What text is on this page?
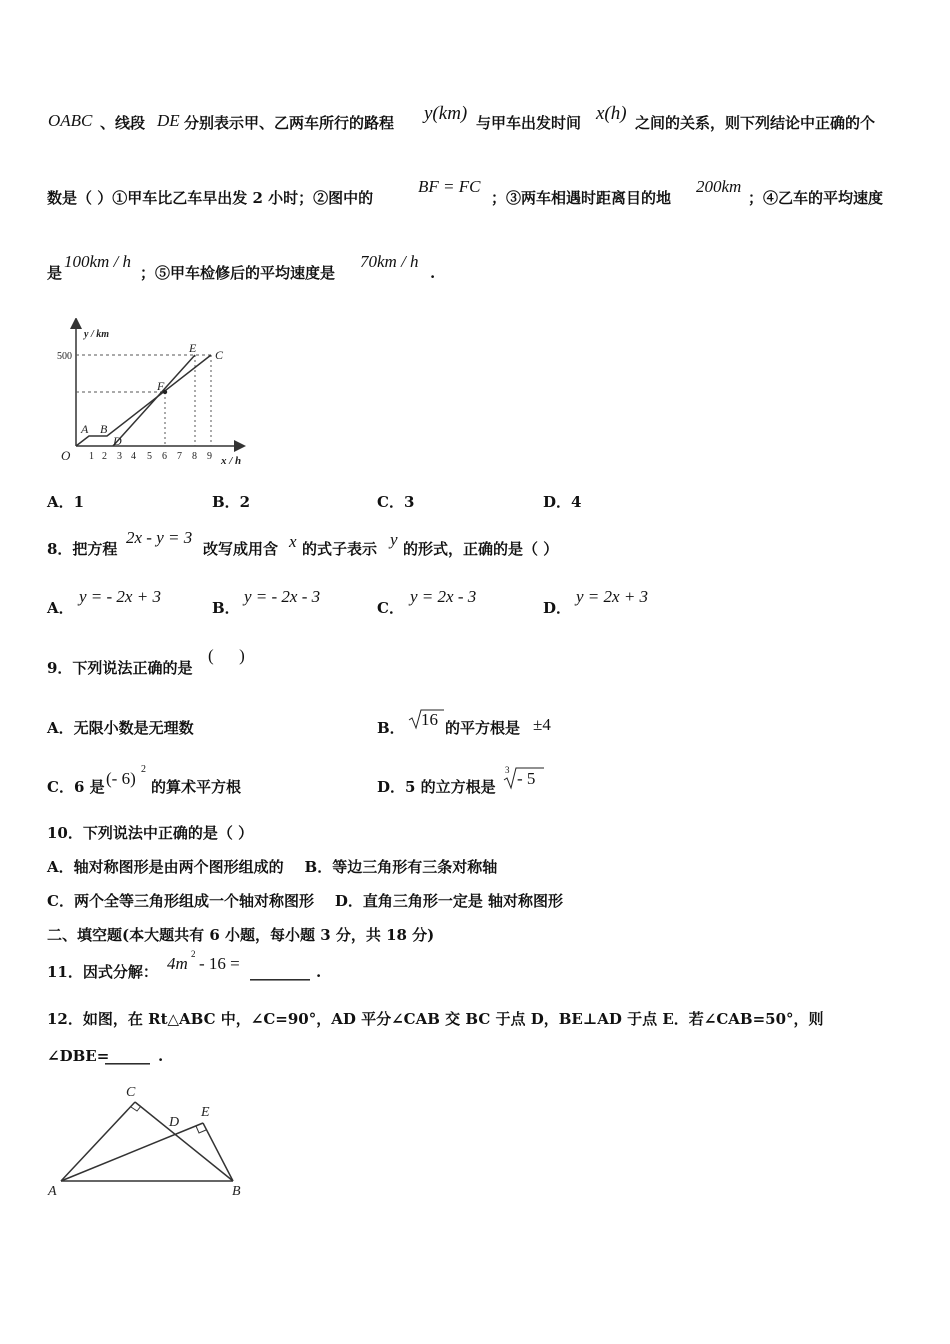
OABC 、线段 DE 分别表示甲、乙两车所行的路程 y(km) 与甲车出发时间 x(h) 之间的关系，则下列结论中正确的个
数是（ ）①甲车比乙车早出发 2 小时；②图中的
BF = FC
；③两车相遇时距离目的地
200km
；④乙车的平均速度
是
100km / h
；⑤甲车检修后的平均速度是
70km / h
.
y / km
x / h
500
O 1 2 3 4 5 6 7 8 9
A B
D
F
E C
A．1	B．2	C．3	D．4
8．把方程
2x - y = 3
改写成用含 x 的式子表示 y 的形式，正确的是（ ）
A．
y = - 2x + 3
B．
y = - 2x - 3
C．
y = 2x - 3
D．
y = 2x + 3
9．下列说法正确的是
(      )
A．无限小数是无理数	B． 16 的平方根是 ±4
C．6 是 (- 6) 2
的算术平方根	D．5 的立方根是
3 - 5
10．下列说法中正确的是（ ）
A．轴对称图形是由两个图形组成的    B．等边三角形有三条对称轴
C．两个全等三角形组成一个轴对称图形    D．直角三角形一定是 轴对称图形
二、填空题(本大题共有 6 小题，每小题 3 分，共 18 分)
11．因式分解： 4m 2 - 16 = ________ .
12．如图，在 Rt△ABC 中，∠C=90°，AD 平分∠CAB 交 BC 于点 D，BE⊥AD 于点 E．若∠CAB=50°，则
∠DBE=
______ .
C
D
E
A	B
